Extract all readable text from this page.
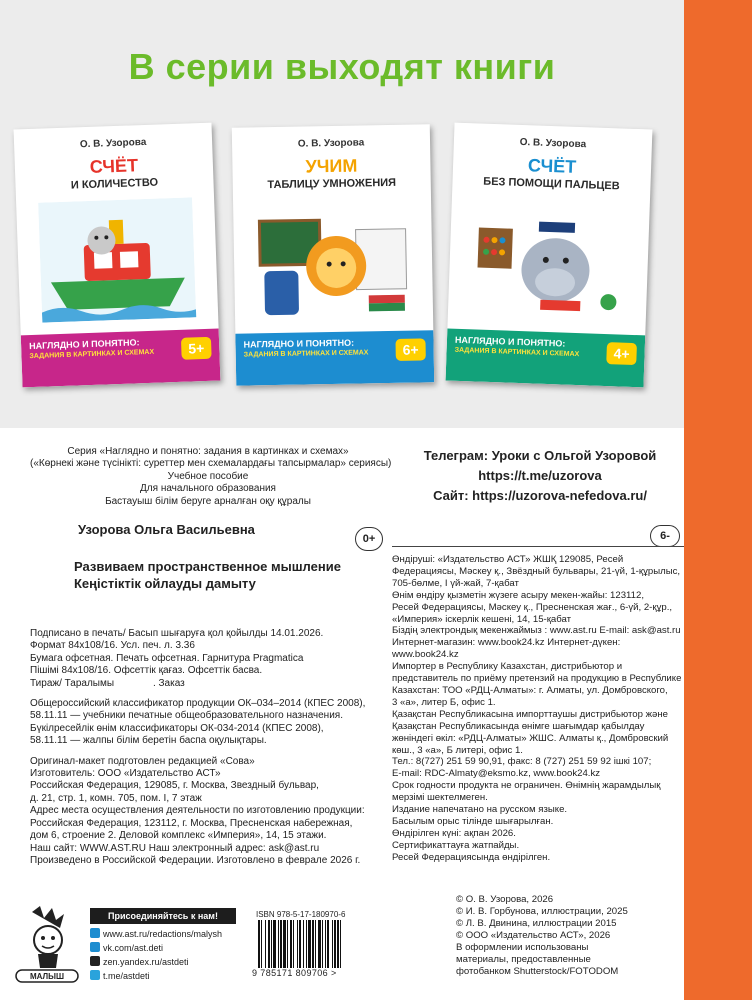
В серии выходят книги
О. В. Узорова
СЧЁТ
И КОЛИЧЕСТВО
НАГЛЯДНО И ПОНЯТНО:
ЗАДАНИЯ В КАРТИНКАХ И СХЕМАХ	5+
О. В. Узорова
УЧИМ
ТАБЛИЦУ УМНОЖЕНИЯ
НАГЛЯДНО И ПОНЯТНО:
ЗАДАНИЯ В КАРТИНКАХ И СХЕМАХ	6+
О. В. Узорова
СЧЁТ
БЕЗ ПОМОЩИ ПАЛЬЦЕВ
НАГЛЯДНО И ПОНЯТНО:
ЗАДАНИЯ В КАРТИНКАХ И СХЕМАХ	4+
Серия «Наглядно и понятно: задания в картинках и схемах»
(«Көрнекі және түсінікті: суреттер мен схемалардағы тапсырмалар» сериясы)
Учебное пособие
Для начального образования
Бастауыш білім беруге арналған оқу құралы
Телеграм: Уроки с Ольгой Узоровой
https://t.me/uzorova
Сайт: https://uzorova-nefedova.ru/
Узорова Ольга Васильевна
0+	6-
Развиваем пространственное мышление
Кеңістіктік ойлауды дамыту
Подписано в печать/ Басып шығаруға қол қойылды 14.01.2026.
Формат 84х108/16. Усл. печ. л. 3.36
Бумага офсетная. Печать офсетная. Гарнитура Pragmatica
Пішімі 84х108/16. Офсеттік қағаз. Офсеттік басва.
Тираж/ Таралымы              . Заказ
Общероссийский классификатор продукции ОК–034–2014 (КПЕС 2008),
58.11.11 — учебники печатные общеобразовательного назначения.
Бүкілресейлік өнім классификаторы ОК-034-2014 (КПЕС 2008),
58.11.11 — жалпы білім беретін баспа оқулықтары.
Оригинал-макет подготовлен редакцией «Сова»
Изготовитель: ООО «Издательство АСТ»
Российская Федерация, 129085, г. Москва, Звездный бульвар,
д. 21, стр. 1, комн. 705, пом. I, 7 этаж
Адрес места осуществления деятельности по изготовлению продукции:
Российская Федерация, 123112, г. Москва, Пресненская набережная,
дом 6, строение 2. Деловой комплекс «Империя», 14, 15 этажи.
Наш сайт: WWW.AST.RU Наш электронный адрес: ask@ast.ru
Произведено в Российской Федерации. Изготовлено в феврале 2026 г.
Өндіруші: «Издательство АСТ» ЖШҚ 129085, Ресей
Федерациясы, Мәскеу қ., Звёздный бульвары, 21-үй, 1-құрылыс,
705-бөлме, I үй-жай, 7-қабат
Өнім өндіру қызметін жүзеге асыру мекен-жайы: 123112,
Ресей Федерациясы, Мәскеу қ., Пресненская жағ., 6-үй, 2-құр.,
«Империя» іскерлік кешені, 14, 15-қабат
Біздің электрондық мекенжаймыз : www.ast.ru E-mail: ask@ast.ru
Интернет-магазин: www.book24.kz Интернет-дүкен:
www.book24.kz
Импортер в Республику Казахстан, дистрибьютор и
представитель по приёму претензий на продукцию в Республике
Казахстан: ТОО «РДЦ-Алматы»: г. Алматы, ул. Домбровского,
3 «а», литер Б, офис 1.
Қазақстан Республикасына импорттаушы дистрибьютор және
Қазақстан Республикасында өнімге шағымдар қабылдау
жөніндегі өкіл: «РДЦ-Алматы» ЖШС. Алматы қ., Домбровский
көш., 3 «а», Б литері, офис 1.
Тел.: 8(727) 251 59 90,91, факс: 8 (727) 251 59 92 ішкі 107;
E-mail: RDC-Almaty@eksmo.kz, www.book24.kz
Срок годности продукта не ограничен. Өнімнің жарамдылық
мерзімі шектелмеген.
Издание напечатано на русском языке.
Басылым орыс тілінде шығарылған.
Өндірілген күні: ақпан 2026.
Сертификаттауға жатпайды.
Ресей Федерациясында өндірілген.
© О. В. Узорова, 2026
© И. В. Горбунова, иллюстрации, 2025
© Л. В. Двинина, иллюстрации 2015
© ООО «Издательство АСТ», 2026
В оформлении использованы
материалы, предоставленные
фотобанком Shutterstock/FOTODOM
МАЛЫШ
Присоединяйтесь к нам!
www.ast.ru/redactions/malysh
vk.com/ast.deti
zen.yandex.ru/astdeti
t.me/astdeti
ISBN 978-5-17-180970-6
9 785171 809706 >
